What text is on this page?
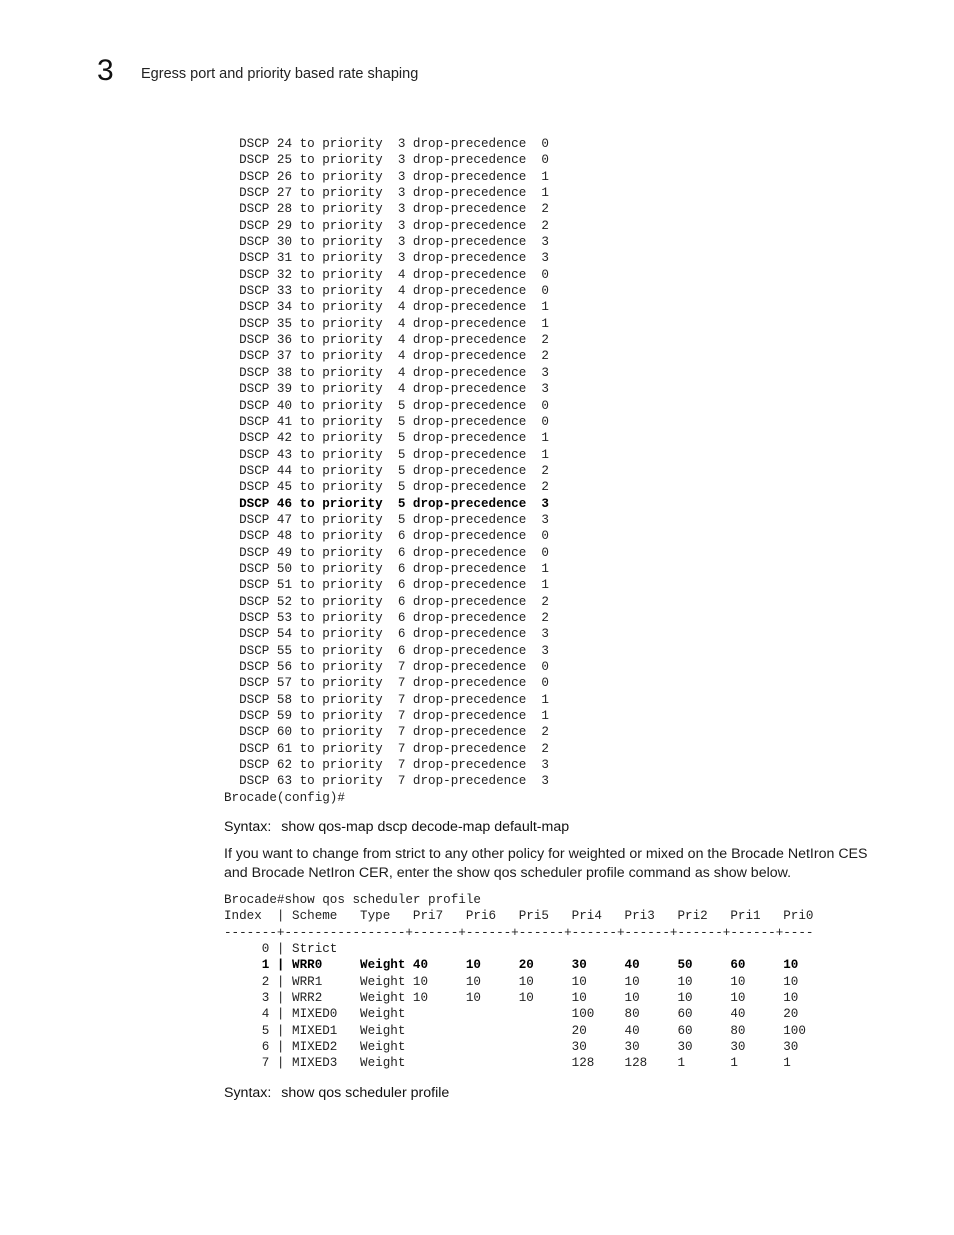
3 Egress port and priority based rate shaping
DSCP 24 to priority  3 drop-precedence  0
DSCP 25 to priority  3 drop-precedence  0
DSCP 26 to priority  3 drop-precedence  1
DSCP 27 to priority  3 drop-precedence  1
DSCP 28 to priority  3 drop-precedence  2
DSCP 29 to priority  3 drop-precedence  2
DSCP 30 to priority  3 drop-precedence  3
DSCP 31 to priority  3 drop-precedence  3
DSCP 32 to priority  4 drop-precedence  0
DSCP 33 to priority  4 drop-precedence  0
DSCP 34 to priority  4 drop-precedence  1
DSCP 35 to priority  4 drop-precedence  1
DSCP 36 to priority  4 drop-precedence  2
DSCP 37 to priority  4 drop-precedence  2
DSCP 38 to priority  4 drop-precedence  3
DSCP 39 to priority  4 drop-precedence  3
DSCP 40 to priority  5 drop-precedence  0
DSCP 41 to priority  5 drop-precedence  0
DSCP 42 to priority  5 drop-precedence  1
DSCP 43 to priority  5 drop-precedence  1
DSCP 44 to priority  5 drop-precedence  2
DSCP 45 to priority  5 drop-precedence  2
DSCP 46 to priority  5 drop-precedence  3
DSCP 47 to priority  5 drop-precedence  3
DSCP 48 to priority  6 drop-precedence  0
DSCP 49 to priority  6 drop-precedence  0
DSCP 50 to priority  6 drop-precedence  1
DSCP 51 to priority  6 drop-precedence  1
DSCP 52 to priority  6 drop-precedence  2
DSCP 53 to priority  6 drop-precedence  2
DSCP 54 to priority  6 drop-precedence  3
DSCP 55 to priority  6 drop-precedence  3
DSCP 56 to priority  7 drop-precedence  0
DSCP 57 to priority  7 drop-precedence  0
DSCP 58 to priority  7 drop-precedence  1
DSCP 59 to priority  7 drop-precedence  1
DSCP 60 to priority  7 drop-precedence  2
DSCP 61 to priority  7 drop-precedence  2
DSCP 62 to priority  7 drop-precedence  3
DSCP 63 to priority  7 drop-precedence  3
Brocade(config)#
Syntax: show qos-map dscp decode-map default-map
If you want to change from strict to any other policy for weighted or mixed on the Brocade NetIron CES and Brocade NetIron CER, enter the show qos scheduler profile command as show below.
Brocade#show qos scheduler profile
Index  | Scheme   Type   Pri7   Pri6   Pri5   Pri4   Pri3   Pri2   Pri1   Pri0
-------+----------------+------+------+------+------+------+------+------+----
0 | Strict
1 | WRR0     Weight 40     10     20     30     40     50     60     10
2 | WRR1     Weight 10     10     10     10     10     10     10     10
3 | WRR2     Weight 10     10     10     10     10     10     10     10
4 | MIXED0   Weight                      100    80     60     40     20
5 | MIXED1   Weight                      20     40     60     80     100
6 | MIXED2   Weight                      30     30     30     30     30
7 | MIXED3   Weight                      128    128    1      1      1
Syntax: show qos scheduler profile
